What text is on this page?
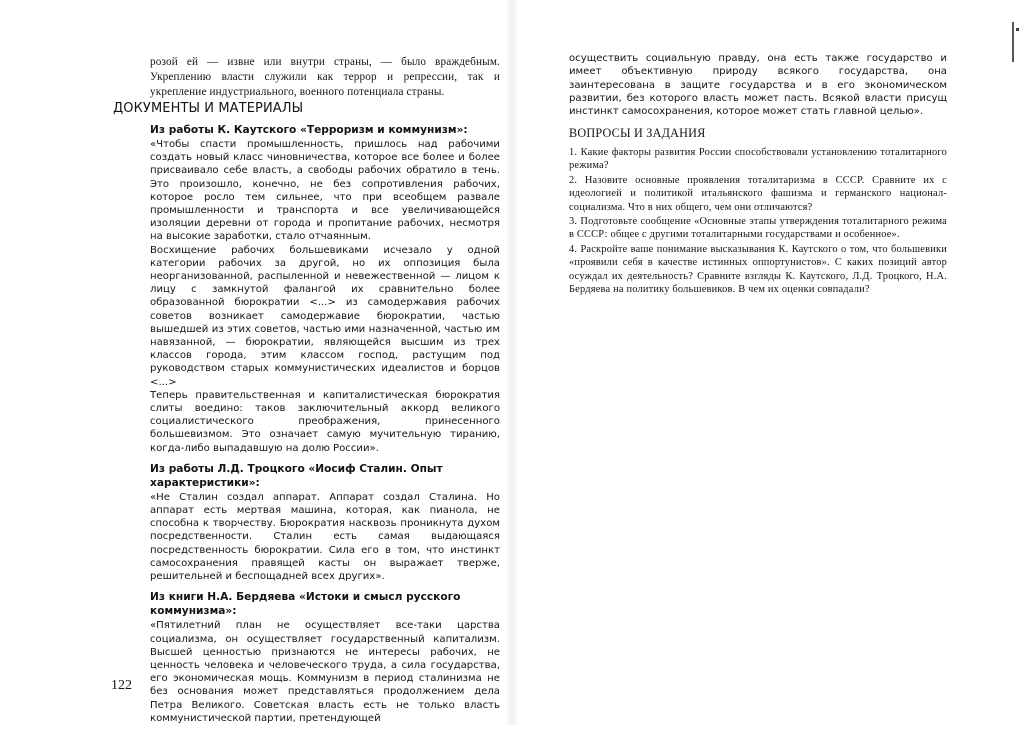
розой ей — извне или внутри страны, — было враждебным. Укреплению власти служили как террор и репрессии, так и укрепление индустриального, военного потенциала страны.

ДОКУМЕНТЫ И МАТЕРИАЛЫ
Из работы К. Каутского «Терроризм и коммунизм»:
«Чтобы спасти промышленность, пришлось над рабочими создать новый класс чиновничества, которое все более и более присваивало себе власть, а свободы рабочих обратило в тень. Это произошло, конечно, не без сопротивления рабочих, которое росло тем сильнее, что при всеобщем развале промышленности и транспорта и все увеличивающейся изоляции деревни от города и пропитание рабочих, несмотря на высокие заработки, стало отчаянным.
Восхищение рабочих большевиками исчезало у одной категории рабочих за другой, но их оппозиция была неорганизованной, распыленной и невежественной — лицом к лицу с замкнутой фалангой их сравнительно более образованной бюрократии <...> из самодержавия рабочих советов возникает самодержавие бюрократии, частью вышедшей из этих советов, частью ими назначенной, частью им навязанной, — бюрократии, являющейся высшим из трех классов города, этим классом господ, растущим под руководством старых коммунистических идеалистов и борцов <...>
Теперь правительственная и капиталистическая бюрократия слиты воедино: таков заключительный аккорд великого социалистического преображения, принесенного большевизмом. Это означает самую мучительную тиранию, когда-либо выпадавшую на долю России».
Из работы Л.Д. Троцкого «Иосиф Сталин. Опыт характеристики»:
«Не Сталин создал аппарат. Аппарат создал Сталина. Но аппарат есть мертвая машина, которая, как пианола, не способна к творчеству. Бюрократия насквозь проникнута духом посредственности. Сталин есть самая выдающаяся посредственность бюрократии. Сила его в том, что инстинкт самосохранения правящей касты он выражает тверже, решительней и беспощадней всех других».
Из книги Н.А. Бердяева «Истоки и смысл русского коммунизма»:
«Пятилетний план не осуществляет все-таки царства социализма, он осуществляет государственный капитализм. Высшей ценностью признаются не интересы рабочих, не ценность человека и человеческого труда, а сила государства, его экономическая мощь. Коммунизм в период сталинизма не без основания может представляться продолжением дела Петра Великого. Советская власть есть не только власть коммунистической партии, претендующей
122

осуществить социальную правду, она есть также государство и имеет объективную природу всякого государства, она заинтересована в защите государства и в его экономическом развитии, без которого власть может пасть. Всякой власти присущ инстинкт самосохранения, которое может стать главной целью».

ВОПРОСЫ И ЗАДАНИЯ
1. Какие факторы развития России способствовали установлению тоталитарного режима?
2. Назовите основные проявления тоталитаризма в СССР. Сравните их с идеологией и политикой итальянского фашизма и германского национал-социализма. Что в них общего, чем они отличаются?
3. Подготовьте сообщение «Основные этапы утверждения тоталитарного режима в СССР: общее с другими тоталитарными государствами и особенное».
4. Раскройте ваше понимание высказывания К. Каутского о том, что большевики «проявили себя в качестве истинных оппортунистов». С каких позиций автор осуждал их деятельность? Сравните взгляды К. Каутского, Л.Д. Троцкого, Н.А. Бердяева на политику большевиков. В чем их оценки совпадали?
